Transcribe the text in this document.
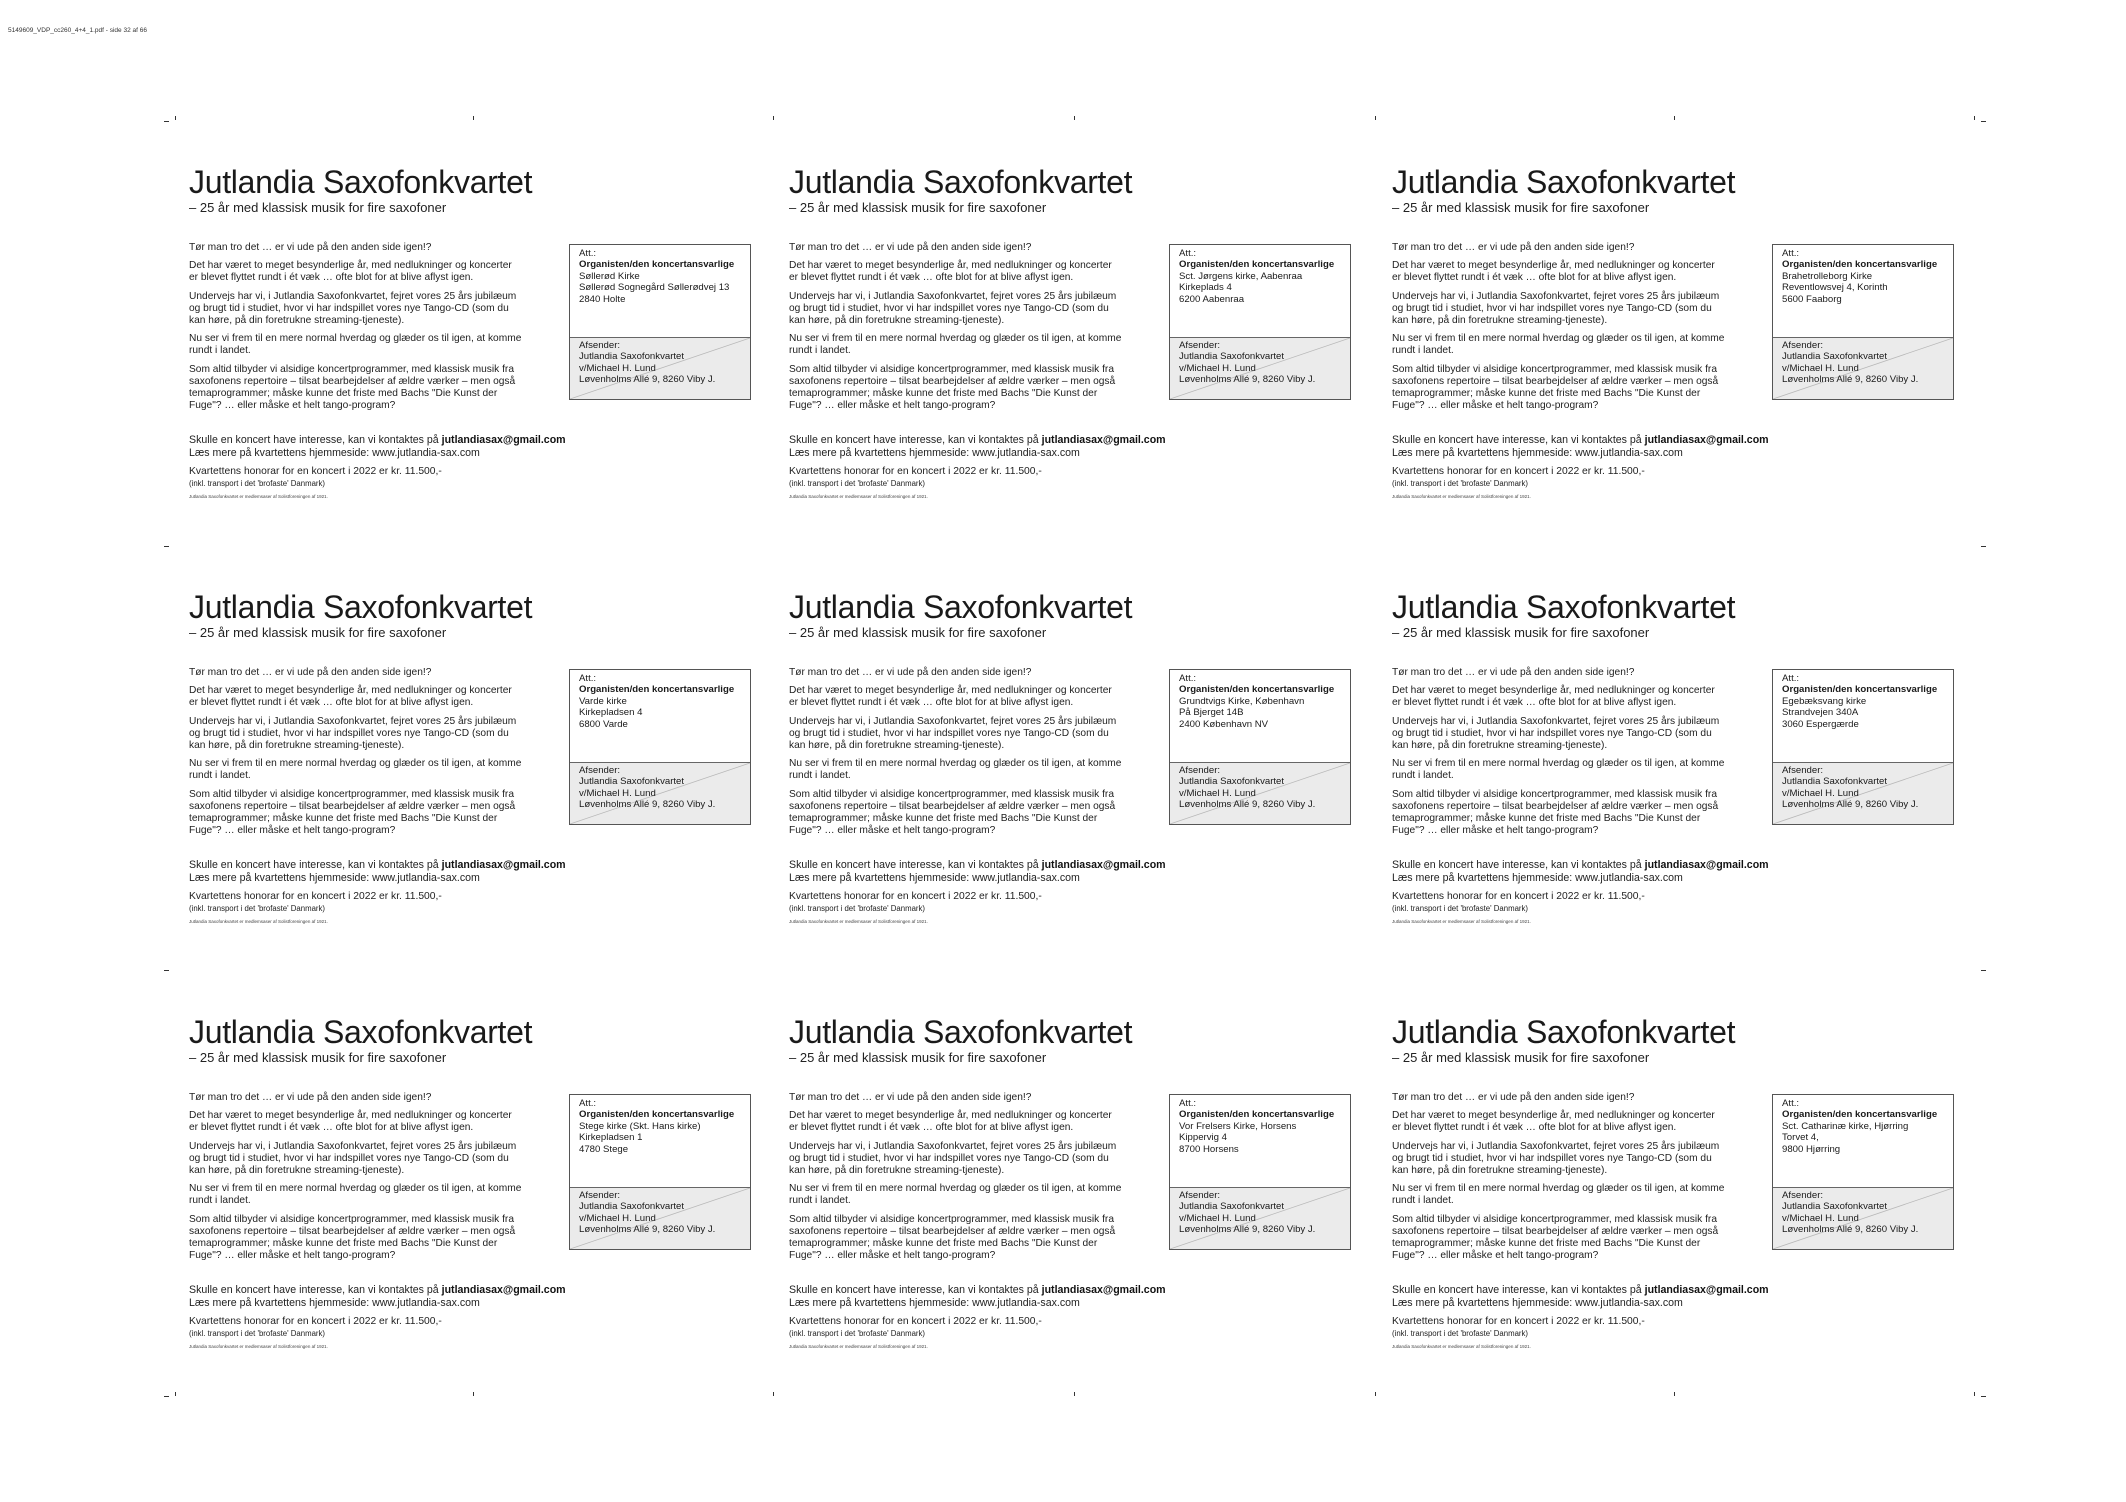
5149609_VDP_cc260_4+4_1.pdf - side 32 af 66
Jutlandia Saxofonkvartet
– 25 år med klassisk musik for fire saxofoner

Tør man tro det … er vi ude på den anden side igen!?

Det har været to meget besynderlige år, med nedlukninger og koncerter
er blevet flyttet rundt i ét væk … ofte blot for at blive aflyst igen.

Undervejs har vi, i Jutlandia Saxofonkvartet, fejret vores 25 års jubilæum
og brugt tid i studiet, hvor vi har indspillet vores nye Tango-CD (som du
kan høre, på din foretrukne streaming-tjeneste).

Nu ser vi frem til en mere normal hverdag og glæder os til igen, at komme
rundt i landet.

Som altid tilbyder vi alsidige koncertprogrammer, med klassisk musik fra
saxofonens repertoire – tilsat bearbejdelser af ældre værker – men også
temaprogrammer; måske kunne det friste med Bachs "Die Kunst der
Fuge"? … eller måske et helt tango-program?

Skulle en koncert have interesse, kan vi kontaktes på jutlandiasax@gmail.com

Læs mere på kvartettens hjemmeside: www.jutlandia-sax.com

Kvartettens honorar for en koncert i 2022 er kr. 11.500,-
(inkl. transport i det 'brofaste' Danmark)
Jutlandia Saxofonkvartet er medlemsaser af Solistforeningen af 1921.
Att.:
Organisten/den koncertansvarlige
Søllerød Kirke
Søllerød Sognegård Søllerødvej 13
2840 Holte
Afsender:
Jutlandia Saxofonkvartet
v/Michael H. Lund
Løvenholms Allé 9, 8260 Viby J.
Jutlandia Saxofonkvartet
– 25 år med klassisk musik for fire saxofoner

Tør man tro det … er vi ude på den anden side igen!?

Det har været to meget besynderlige år, med nedlukninger og koncerter
er blevet flyttet rundt i ét væk … ofte blot for at blive aflyst igen.

Undervejs har vi, i Jutlandia Saxofonkvartet, fejret vores 25 års jubilæum
og brugt tid i studiet, hvor vi har indspillet vores nye Tango-CD (som du
kan høre, på din foretrukne streaming-tjeneste).

Nu ser vi frem til en mere normal hverdag og glæder os til igen, at komme
rundt i landet.

Som altid tilbyder vi alsidige koncertprogrammer, med klassisk musik fra
saxofonens repertoire – tilsat bearbejdelser af ældre værker – men også
temaprogrammer; måske kunne det friste med Bachs "Die Kunst der
Fuge"? … eller måske et helt tango-program?

Skulle en koncert have interesse, kan vi kontaktes på jutlandiasax@gmail.com

Læs mere på kvartettens hjemmeside: www.jutlandia-sax.com

Kvartettens honorar for en koncert i 2022 er kr. 11.500,-
(inkl. transport i det 'brofaste' Danmark)
Jutlandia Saxofonkvartet er medlemsaser af Solistforeningen af 1921.
Att.:
Organisten/den koncertansvarlige
Sct. Jørgens kirke, Aabenraa
Kirkeplads 4
6200 Aabenraa
Afsender:
Jutlandia Saxofonkvartet
v/Michael H. Lund
Løvenholms Allé 9, 8260 Viby J.
Jutlandia Saxofonkvartet
– 25 år med klassisk musik for fire saxofoner

Tør man tro det … er vi ude på den anden side igen!?

Det har været to meget besynderlige år, med nedlukninger og koncerter
er blevet flyttet rundt i ét væk … ofte blot for at blive aflyst igen.

Undervejs har vi, i Jutlandia Saxofonkvartet, fejret vores 25 års jubilæum
og brugt tid i studiet, hvor vi har indspillet vores nye Tango-CD (som du
kan høre, på din foretrukne streaming-tjeneste).

Nu ser vi frem til en mere normal hverdag og glæder os til igen, at komme
rundt i landet.

Som altid tilbyder vi alsidige koncertprogrammer, med klassisk musik fra
saxofonens repertoire – tilsat bearbejdelser af ældre værker – men også
temaprogrammer; måske kunne det friste med Bachs "Die Kunst der
Fuge"? … eller måske et helt tango-program?

Skulle en koncert have interesse, kan vi kontaktes på jutlandiasax@gmail.com

Læs mere på kvartettens hjemmeside: www.jutlandia-sax.com

Kvartettens honorar for en koncert i 2022 er kr. 11.500,-
(inkl. transport i det 'brofaste' Danmark)
Jutlandia Saxofonkvartet er medlemsaser af Solistforeningen af 1921.
Att.:
Organisten/den koncertansvarlige
Brahetrolleborg Kirke
Reventlowsvej 4, Korinth
5600 Faaborg
Afsender:
Jutlandia Saxofonkvartet
v/Michael H. Lund
Løvenholms Allé 9, 8260 Viby J.
Jutlandia Saxofonkvartet
– 25 år med klassisk musik for fire saxofoner

Tør man tro det … er vi ude på den anden side igen!?

Det har været to meget besynderlige år, med nedlukninger og koncerter
er blevet flyttet rundt i ét væk … ofte blot for at blive aflyst igen.

Undervejs har vi, i Jutlandia Saxofonkvartet, fejret vores 25 års jubilæum
og brugt tid i studiet, hvor vi har indspillet vores nye Tango-CD (som du
kan høre, på din foretrukne streaming-tjeneste).

Nu ser vi frem til en mere normal hverdag og glæder os til igen, at komme
rundt i landet.

Som altid tilbyder vi alsidige koncertprogrammer, med klassisk musik fra
saxofonens repertoire – tilsat bearbejdelser af ældre værker – men også
temaprogrammer; måske kunne det friste med Bachs "Die Kunst der
Fuge"? … eller måske et helt tango-program?

Skulle en koncert have interesse, kan vi kontaktes på jutlandiasax@gmail.com

Læs mere på kvartettens hjemmeside: www.jutlandia-sax.com

Kvartettens honorar for en koncert i 2022 er kr. 11.500,-
(inkl. transport i det 'brofaste' Danmark)
Jutlandia Saxofonkvartet er medlemsaser af Solistforeningen af 1921.
Att.:
Organisten/den koncertansvarlige
Varde kirke
Kirkepladsen 4
6800 Varde
Afsender:
Jutlandia Saxofonkvartet
v/Michael H. Lund
Løvenholms Allé 9, 8260 Viby J.
Jutlandia Saxofonkvartet
– 25 år med klassisk musik for fire saxofoner

Tør man tro det … er vi ude på den anden side igen!?

Det har været to meget besynderlige år, med nedlukninger og koncerter
er blevet flyttet rundt i ét væk … ofte blot for at blive aflyst igen.

Undervejs har vi, i Jutlandia Saxofonkvartet, fejret vores 25 års jubilæum
og brugt tid i studiet, hvor vi har indspillet vores nye Tango-CD (som du
kan høre, på din foretrukne streaming-tjeneste).

Nu ser vi frem til en mere normal hverdag og glæder os til igen, at komme
rundt i landet.

Som altid tilbyder vi alsidige koncertprogrammer, med klassisk musik fra
saxofonens repertoire – tilsat bearbejdelser af ældre værker – men også
temaprogrammer; måske kunne det friste med Bachs "Die Kunst der
Fuge"? … eller måske et helt tango-program?

Skulle en koncert have interesse, kan vi kontaktes på jutlandiasax@gmail.com

Læs mere på kvartettens hjemmeside: www.jutlandia-sax.com

Kvartettens honorar for en koncert i 2022 er kr. 11.500,-
(inkl. transport i det 'brofaste' Danmark)
Jutlandia Saxofonkvartet er medlemsaser af Solistforeningen af 1921.
Att.:
Organisten/den koncertansvarlige
Grundtvigs Kirke, København
På Bjerget 14B
2400 København NV
Afsender:
Jutlandia Saxofonkvartet
v/Michael H. Lund
Løvenholms Allé 9, 8260 Viby J.
Jutlandia Saxofonkvartet
– 25 år med klassisk musik for fire saxofoner

Tør man tro det … er vi ude på den anden side igen!?

Det har været to meget besynderlige år, med nedlukninger og koncerter
er blevet flyttet rundt i ét væk … ofte blot for at blive aflyst igen.

Undervejs har vi, i Jutlandia Saxofonkvartet, fejret vores 25 års jubilæum
og brugt tid i studiet, hvor vi har indspillet vores nye Tango-CD (som du
kan høre, på din foretrukne streaming-tjeneste).

Nu ser vi frem til en mere normal hverdag og glæder os til igen, at komme
rundt i landet.

Som altid tilbyder vi alsidige koncertprogrammer, med klassisk musik fra
saxofonens repertoire – tilsat bearbejdelser af ældre værker – men også
temaprogrammer; måske kunne det friste med Bachs "Die Kunst der
Fuge"? … eller måske et helt tango-program?

Skulle en koncert have interesse, kan vi kontaktes på jutlandiasax@gmail.com

Læs mere på kvartettens hjemmeside: www.jutlandia-sax.com

Kvartettens honorar for en koncert i 2022 er kr. 11.500,-
(inkl. transport i det 'brofaste' Danmark)
Jutlandia Saxofonkvartet er medlemsaser af Solistforeningen af 1921.
Att.:
Organisten/den koncertansvarlige
Egebæksvang kirke
Strandvejen 340A
3060 Espergærde
Afsender:
Jutlandia Saxofonkvartet
v/Michael H. Lund
Løvenholms Allé 9, 8260 Viby J.
Jutlandia Saxofonkvartet
– 25 år med klassisk musik for fire saxofoner

Tør man tro det … er vi ude på den anden side igen!?

Det har været to meget besynderlige år, med nedlukninger og koncerter
er blevet flyttet rundt i ét væk … ofte blot for at blive aflyst igen.

Undervejs har vi, i Jutlandia Saxofonkvartet, fejret vores 25 års jubilæum
og brugt tid i studiet, hvor vi har indspillet vores nye Tango-CD (som du
kan høre, på din foretrukne streaming-tjeneste).

Nu ser vi frem til en mere normal hverdag og glæder os til igen, at komme
rundt i landet.

Som altid tilbyder vi alsidige koncertprogrammer, med klassisk musik fra
saxofonens repertoire – tilsat bearbejdelser af ældre værker – men også
temaprogrammer; måske kunne det friste med Bachs "Die Kunst der
Fuge"? … eller måske et helt tango-program?

Skulle en koncert have interesse, kan vi kontaktes på jutlandiasax@gmail.com

Læs mere på kvartettens hjemmeside: www.jutlandia-sax.com

Kvartettens honorar for en koncert i 2022 er kr. 11.500,-
(inkl. transport i det 'brofaste' Danmark)
Jutlandia Saxofonkvartet er medlemsaser af Solistforeningen af 1921.
Att.:
Organisten/den koncertansvarlige
Stege kirke (Skt. Hans kirke)
Kirkepladsen 1
4780 Stege
Afsender:
Jutlandia Saxofonkvartet
v/Michael H. Lund
Løvenholms Allé 9, 8260 Viby J.
Jutlandia Saxofonkvartet
– 25 år med klassisk musik for fire saxofoner

Tør man tro det … er vi ude på den anden side igen!?

Det har været to meget besynderlige år, med nedlukninger og koncerter
er blevet flyttet rundt i ét væk … ofte blot for at blive aflyst igen.

Undervejs har vi, i Jutlandia Saxofonkvartet, fejret vores 25 års jubilæum
og brugt tid i studiet, hvor vi har indspillet vores nye Tango-CD (som du
kan høre, på din foretrukne streaming-tjeneste).

Nu ser vi frem til en mere normal hverdag og glæder os til igen, at komme
rundt i landet.

Som altid tilbyder vi alsidige koncertprogrammer, med klassisk musik fra
saxofonens repertoire – tilsat bearbejdelser af ældre værker – men også
temaprogrammer; måske kunne det friste med Bachs "Die Kunst der
Fuge"? … eller måske et helt tango-program?

Skulle en koncert have interesse, kan vi kontaktes på jutlandiasax@gmail.com

Læs mere på kvartettens hjemmeside: www.jutlandia-sax.com

Kvartettens honorar for en koncert i 2022 er kr. 11.500,-
(inkl. transport i det 'brofaste' Danmark)
Jutlandia Saxofonkvartet er medlemsaser af Solistforeningen af 1921.
Att.:
Organisten/den koncertansvarlige
Vor Frelsers Kirke, Horsens
Kippervig 4
8700 Horsens
Afsender:
Jutlandia Saxofonkvartet
v/Michael H. Lund
Løvenholms Allé 9, 8260 Viby J.
Jutlandia Saxofonkvartet
– 25 år med klassisk musik for fire saxofoner

Tør man tro det … er vi ude på den anden side igen!?

Det har været to meget besynderlige år, med nedlukninger og koncerter
er blevet flyttet rundt i ét væk … ofte blot for at blive aflyst igen.

Undervejs har vi, i Jutlandia Saxofonkvartet, fejret vores 25 års jubilæum
og brugt tid i studiet, hvor vi har indspillet vores nye Tango-CD (som du
kan høre, på din foretrukne streaming-tjeneste).

Nu ser vi frem til en mere normal hverdag og glæder os til igen, at komme
rundt i landet.

Som altid tilbyder vi alsidige koncertprogrammer, med klassisk musik fra
saxofonens repertoire – tilsat bearbejdelser af ældre værker – men også
temaprogrammer; måske kunne det friste med Bachs "Die Kunst der
Fuge"? … eller måske et helt tango-program?

Skulle en koncert have interesse, kan vi kontaktes på jutlandiasax@gmail.com

Læs mere på kvartettens hjemmeside: www.jutlandia-sax.com

Kvartettens honorar for en koncert i 2022 er kr. 11.500,-
(inkl. transport i det 'brofaste' Danmark)
Jutlandia Saxofonkvartet er medlemsaser af Solistforeningen af 1921.
Att.:
Organisten/den koncertansvarlige
Sct. Catharinæ kirke, Hjørring
Torvet 4,
9800 Hjørring
Afsender:
Jutlandia Saxofonkvartet
v/Michael H. Lund
Løvenholms Allé 9, 8260 Viby J.
